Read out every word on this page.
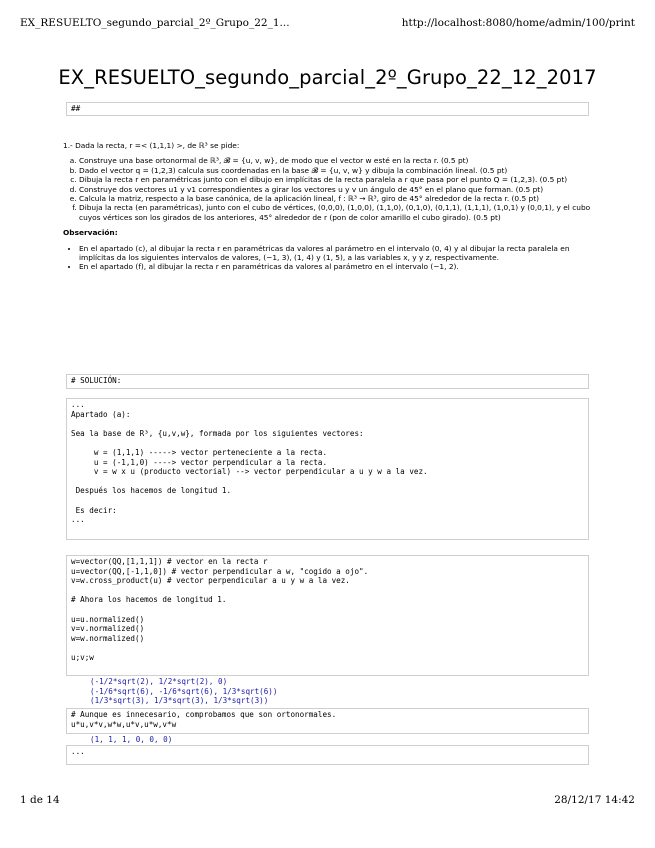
EX_RESUELTO_segundo_parcial_2º_Grupo_22_1...	http://localhost:8080/home/admin/100/print
EX_RESUELTO_segundo_parcial_2º_Grupo_22_12_2017
##
1.- Dada la recta, r =< (1,1,1) >, de ℝ³ se pide:
a. Construye una base ortonormal de ℝ³, 𝓑 = {u, v, w}, de modo que el vector w esté en la recta r. (0.5 pt)
b. Dado el vector q = (1,2,3) calcula sus coordenadas en la base 𝓑 = {u, v, w} y dibuja la combinación lineal. (0.5 pt)
c. Dibuja la recta r en paramétricas junto con el dibujo en implícitas de la recta paralela a r que pasa por el punto Q = (1,2,3). (0.5 pt)
d. Construye dos vectores u1 y v1 correspondientes a girar los vectores u y v un ángulo de 45° en el plano que forman. (0.5 pt)
e. Calcula la matriz, respecto a la base canónica, de la aplicación lineal, f : ℝ³ → ℝ³, giro de 45° alrededor de la recta r. (0.5 pt)
f. Dibuja la recta (en paramétricas), junto con el cubo de vértices, (0,0,0), (1,0,0), (1,1,0), (0,1,0), (0,1,1), (1,1,1), (1,0,1) y (0,0,1), y el cubo cuyos vértices son los girados de los anteriores, 45° alrededor de r (pon de color amarillo el cubo girado). (0.5 pt)
Observación:
• En el apartado (c), al dibujar la recta r en paramétricas da valores al parámetro en el intervalo (0, 4) y al dibujar la recta paralela en implícitas da los siguientes intervalos de valores, (−1, 3), (1, 4) y (1, 5), a las variables x, y y z, respectivamente.
• En el apartado (f), al dibujar la recta r en paramétricas da valores al parámetro en el intervalo (−1, 2).
# SOLUCIÓN:
...
Apartado (a):

Sea la base de R³, {u,v,w}, formada por los siguientes vectores:

w = (1,1,1) -----> vector perteneciente a la recta.
u = (-1,1,0) ----> vector perpendicular a la recta.
v = w x u (producto vectorial) --> vector perpendicular a u y w a la vez.

Después los hacemos de longitud 1.

Es decir:
...
w=vector(QQ,[1,1,1]) # vector en la recta r
u=vector(QQ,[-1,1,0]) # vector perpendicular a w, "cogido a ojo".
v=w.cross_product(u) # vector perpendicular a u y w a la vez.

# Ahora los hacemos de longitud 1.

u=u.normalized()
v=v.normalized()
w=w.normalized()

u;v;w
(-1/2*sqrt(2), 1/2*sqrt(2), 0)
(-1/6*sqrt(6), -1/6*sqrt(6), 1/3*sqrt(6))
(1/3*sqrt(3), 1/3*sqrt(3), 1/3*sqrt(3))
# Aunque es innecesario, comprobamos que son ortonormales.
u*u,v*v,w*w,u*v,u*w,v*w
(1, 1, 1, 0, 0, 0)
...
1 de 14	28/12/17 14:42
